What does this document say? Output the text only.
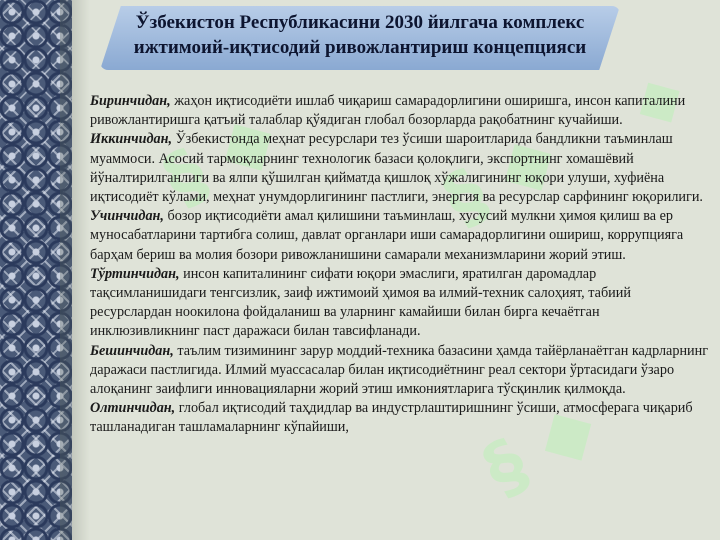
§ ◆ § ◆
§ ◆
◆
Ўзбекистон Республикасини 2030 йилгача комплекс
ижтимоий-иқтисодий ривожлантириш концепцияси

Биринчидан, жаҳон иқтисодиёти ишлаб чиқариш самарадорлигини оширишга, инсон капиталини ривожлантиришга қатъий талаблар қўядиган глобал бозорларда рақобатнинг кучайиши.

Иккинчидан, Ўзбекистонда меҳнат ресурслари тез ўсиши шароитларида бандликни таъминлаш муаммоси. Асосий тармоқларнинг технологик базаси қолоқлиги, экспортнинг хомашёвий йўналтирилганлиги ва ялпи қўшилган қийматда қишлоқ хўжалигининг юқори улуши, хуфиёна иқтисодиёт кўлами, меҳнат унумдорлигининг пастлиги, энергия ва ресурслар сарфининг юқорилиги.

Учинчидан, бозор иқтисодиёти амал қилишини таъминлаш, хусусий мулкни ҳимоя қилиш ва ер муносабатларини тартибга солиш, давлат органлари иши самарадорлигини ошириш, коррупцияга барҳам бериш ва молия бозори ривожланишини самарали механизмларини жорий этиш.

Тўртинчидан, инсон капиталининг сифати юқори эмаслиги, яратилган даромадлар тақсимланишидаги тенгсизлик, заиф ижтимоий ҳимоя ва илмий-техник салоҳият, табиий ресурслардан ноокилона фойдаланиш ва уларнинг камайиши билан бирга кечаётган инклюзивликнинг паст даражаси билан тавсифланади.

Бешинчидан, таълим тизимининг зарур моддий-техника базасини ҳамда тайёрланаётган кадрларнинг даражаси пастлигида. Илмий муассасалар билан иқтисодиётнинг реал сектори ўртасидаги ўзаро алоқанинг заифлиги инновацияларни жорий этиш имкониятларига тўсқинлик қилмоқда.

Олтинчидан, глобал иқтисодий таҳдидлар ва индустрлаштиришнинг ўсиши, атмосферага чиқариб ташланадиган ташламаларнинг кўпайиши,
